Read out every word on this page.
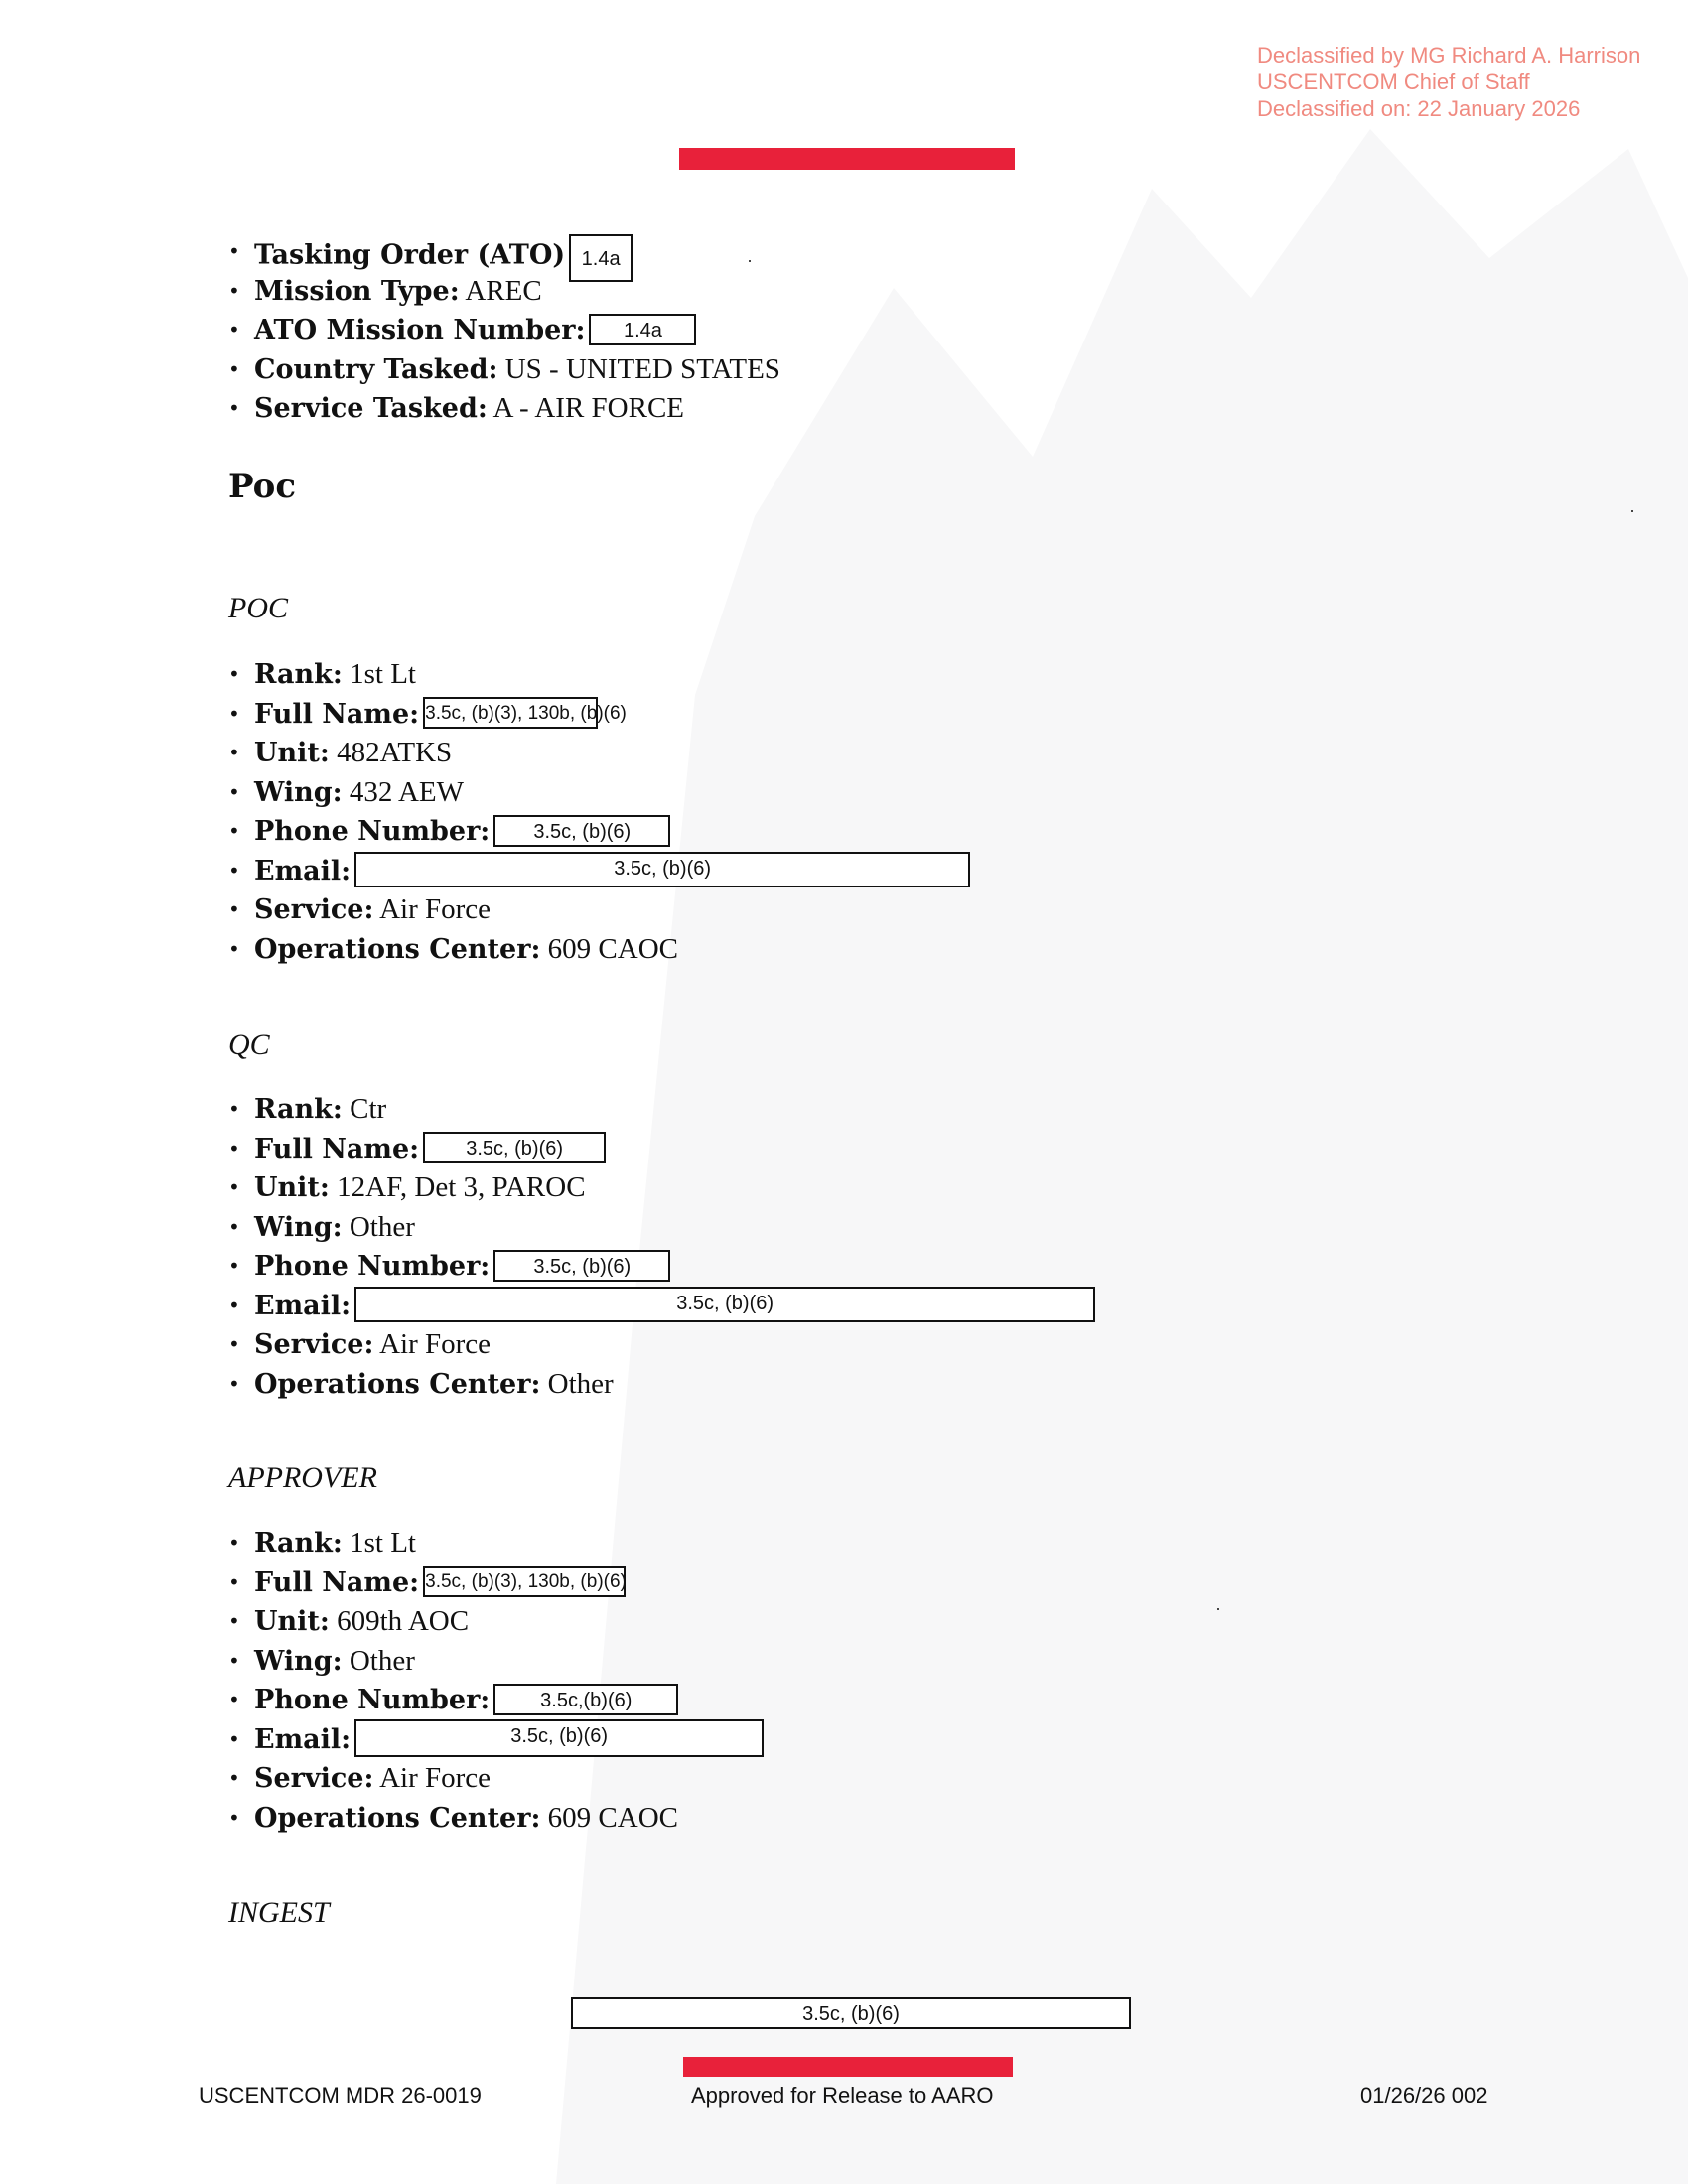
Declassified by MG Richard A. Harrison
USCENTCOM Chief of Staff
Declassified on: 22 January 2026
• Tasking Order (ATO) 1.4a
• Mission Type: AREC
• ATO Mission Number: 1.4a
• Country Tasked: US - UNITED STATES
• Service Tasked: A - AIR FORCE
Poc
POC
• Rank: 1st Lt
• Full Name: 3.5c, (b)(3), 130b, (b)(6)
• Unit: 482ATKS
• Wing: 432 AEW
• Phone Number: 3.5c, (b)(6)
• Email:	3.5c, (b)(6)
• Service: Air Force
• Operations Center: 609 CAOC
QC
• Rank: Ctr
• Full Name: 3.5c, (b)(6)
• Unit: 12AF, Det 3, PAROC
• Wing: Other
• Phone Number: 3.5c, (b)(6)
• Email:	3.5c, (b)(6)
• Service: Air Force
• Operations Center: Other
APPROVER
• Rank: 1st Lt
• Full Name: 3.5c, (b)(3), 130b, (b)(6)
• Unit: 609th AOC
• Wing: Other
• Phone Number:	3.5c,(b)(6)
• Email:	3.5c, (b)(6)
• Service: Air Force
• Operations Center: 609 CAOC
INGEST
3.5c, (b)(6)
USCENTCOM MDR 26-0019	Approved for Release to AARO	01/26/26 002
